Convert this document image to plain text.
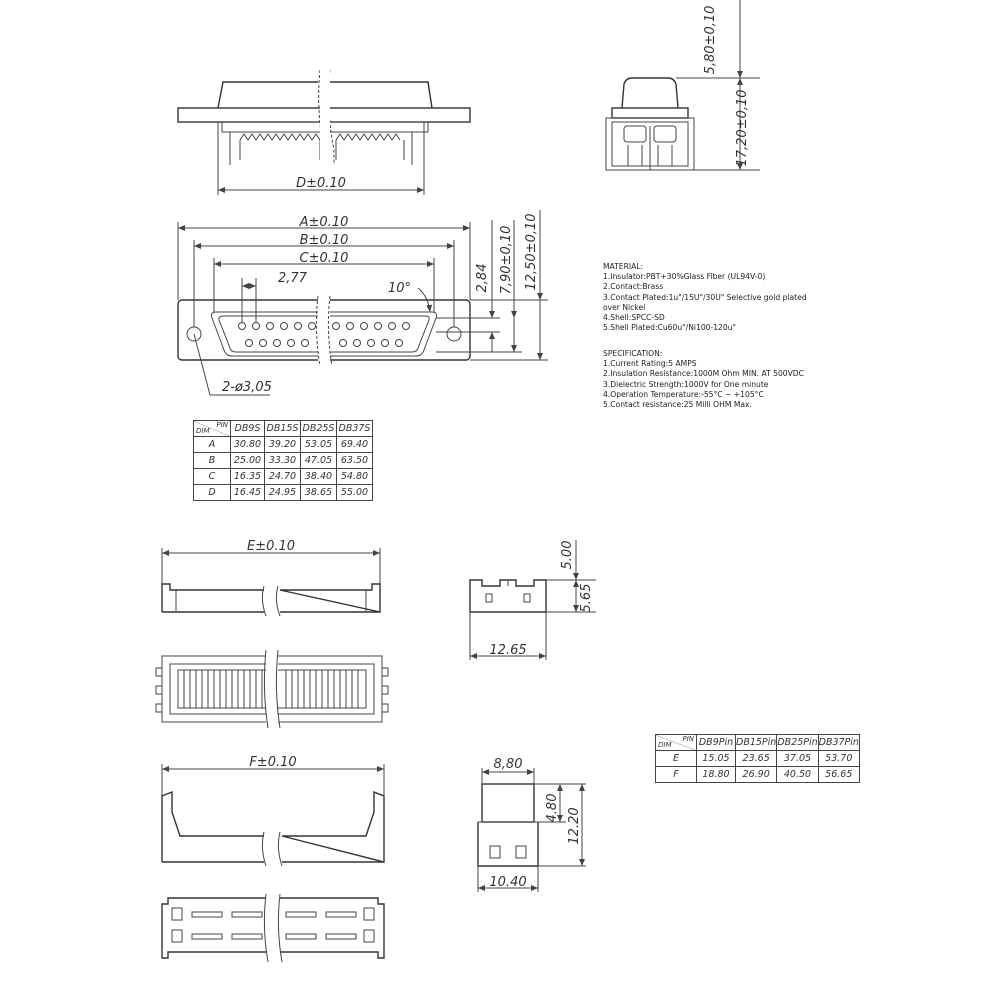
D±0.10
5,80±0,10
17,20±0,10
A±0.10
B±0.10
C±0.10
2,77
10°
2-ø3,05
2,84 7,90±0,10 12,50±0,10
E±0.10
12.65
5.00
5.65
F±0.10	8,80
10.40
4.80 12.20
MATERIAL:
1.Insulator:PBT+30%Glass Fiber (UL94V-0)
2.Contact:Brass
3.Contact Plated:1u"/15U"/30U" Selective gold plated
over Nickel
4.Shell:SPCC-SD
5.Shell Plated:Cu60u"/Ni100-120u"
SPECIFICATION:
1.Current Rating:5 AMPS
2.Insulation Resistance:1000M Ohm MIN. AT 500VDC
3.Dielectric Strength:1000V for One minute
4.Operation Temperature:-55°C ~ +105°C
5.Contact resistance:25 Milli OHM Max.
DIM
PIN	DB9S	DB15S	DB25S	DB37S
A	30.80	39.20	53.05	69.40
B	25.00	33.30	47.05	63.50
C	16.35	24.70	38.40	54.80
D	16.45	24.95	38.65	55.00
DIM
PIN	DB9Pin	DB15Pin	DB25Pin	DB37Pin
E	15.05	23.65	37.05	53.70
F	18.80	26.90	40.50	56.65
